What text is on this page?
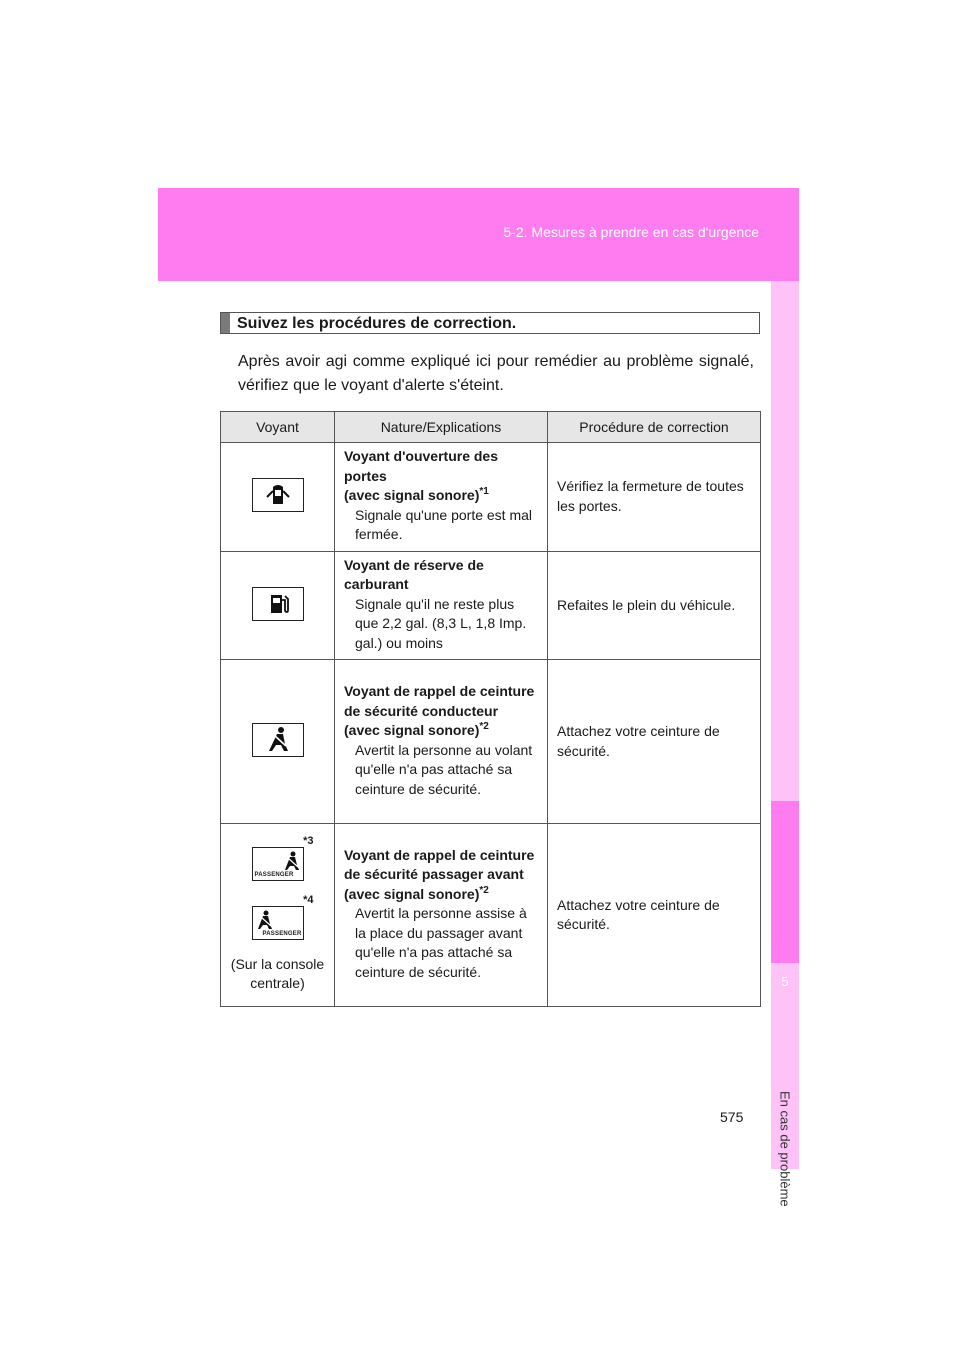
5-2. Mesures à prendre en cas d'urgence
5
En cas de problème
Suivez les procédures de correction.
Après avoir agi comme expliqué ici pour remédier au problème signalé, vérifiez que le voyant d'alerte s'éteint.
Voyant	Nature/Explications	Procédure de correction

Voyant d'ouverture des portes
(avec signal sonore)$^{*1}$
Signale qu'une porte est mal fermée.	Vérifiez la fermeture de toutes les portes.

Voyant de réserve de carburant
Signale qu'il ne reste plus que 2,2 gal. (8,3 L, 1,8 Imp. gal.) ou moins	Refaites le plein du véhicule.

Voyant de rappel de ceinture de sécurité conducteur
(avec signal sonore)$^{*2}$
Avertit la personne au volant qu'elle n'a pas attaché sa ceinture de sécurité.	Attachez votre ceinture de sécurité.

*3
PASSENGER

*4
PASSENGER
(Sur la console centrale)	Voyant de rappel de ceinture de sécurité passager avant
(avec signal sonore)$^{*2}$
Avertit la personne assise à la place du passager avant qu'elle n'a pas attaché sa ceinture de sécurité.	Attachez votre ceinture de sécurité.
575
